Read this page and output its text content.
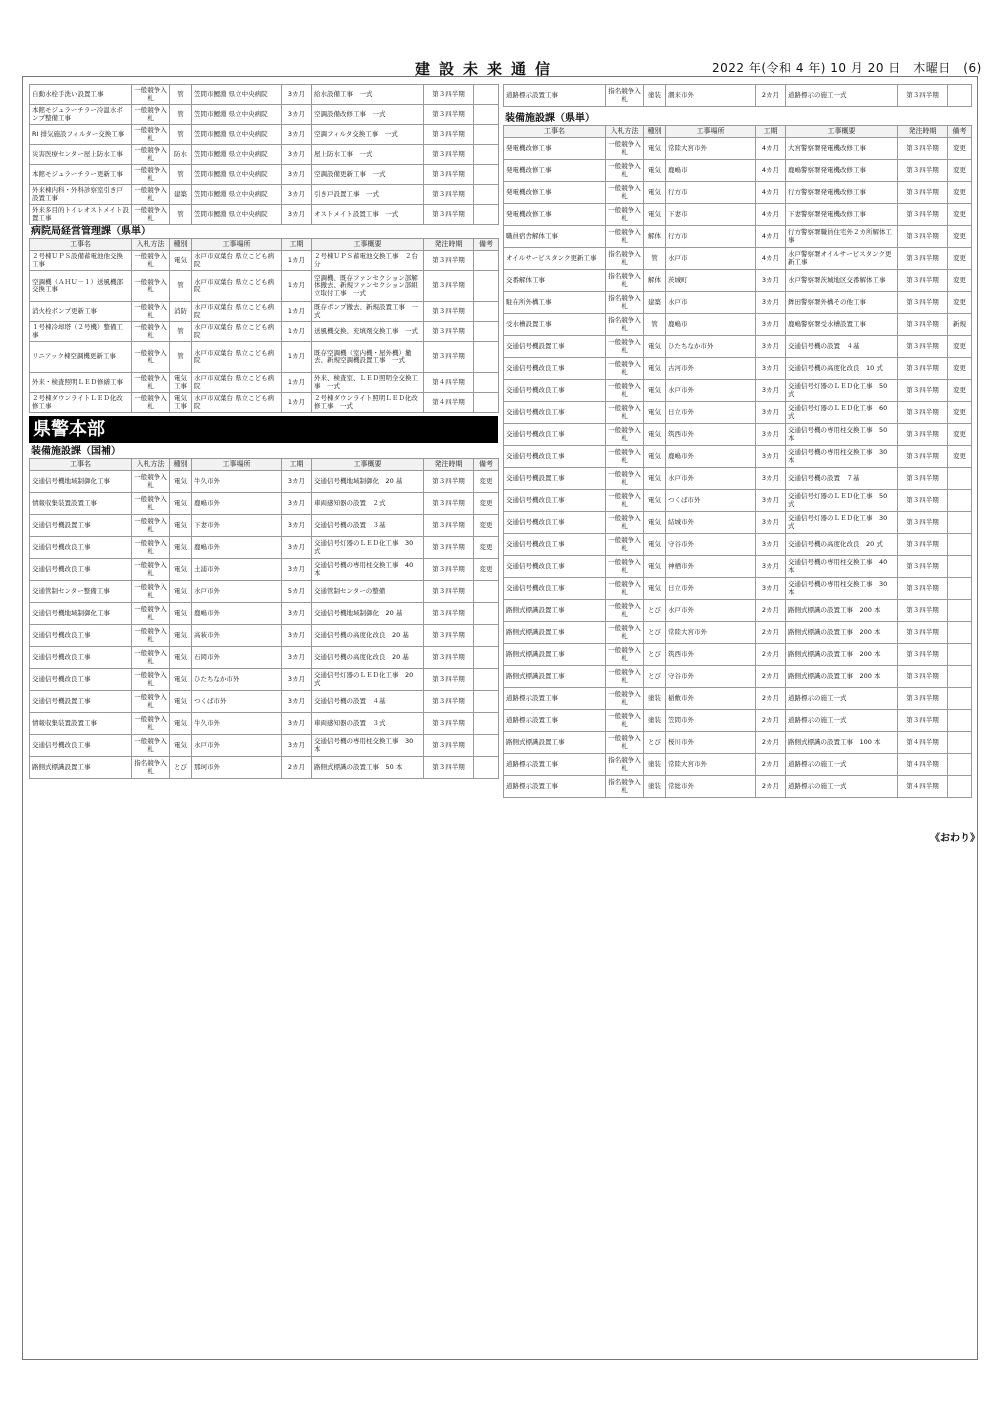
建設未来通信	2022 年(令和 4 年) 10 月 20 日　木曜日　(6)
自動水栓手洗い設置工事	一般競争入札	管	笠間市鯉淵 県立中央病院	3カ月	給水設備工事　一式	第３四半期	
本館モジュラーチラー冷温水ポンプ整備工事	一般競争入札	管	笠間市鯉淵 県立中央病院	3カ月	空調設備改修工事　一式	第３四半期	
RI 排気施設フィルター交換工事	一般競争入札	管	笠間市鯉淵 県立中央病院	3カ月	空調フィルタ交換工事　一式	第３四半期	
災害医療センター屋上防水工事	一般競争入札	防水	笠間市鯉淵 県立中央病院	3カ月	屋上防水工事　一式	第３四半期	
本館モジュラーチラー更新工事	一般競争入札	管	笠間市鯉淵 県立中央病院	3カ月	空調設備更新工事　一式	第３四半期	
外来棟内科・外科診察室引き戸設置工事	一般競争入札	建築	笠間市鯉淵 県立中央病院	3カ月	引き戸設置工事　一式	第３四半期	
外来多目的トイレオストメイト設置工事	一般競争入札	管	笠間市鯉淵 県立中央病院	3カ月	オストメイト設置工事　一式	第３四半期	
病院局経営管理課（県単）
工事名	入札方法	種別	工事場所	工期	工事概要	発注時期	備考
２号棟ＵＰＳ設備蓄電池他交換工事	一般競争入札	電気	水戸市双葉台 県立こども病院	1カ月	２号棟ＵＰＳ蓄電池交換工事　２台分	第３四半期	
空調機（ＡＨＵ－１）送風機部交換工事	一般競争入札	管	水戸市双葉台 県立こども病院	1カ月	空調機、既存ファンセクション部解体撤去、新規ファンセクション部組立取付工事　一式	第３四半期	
消火栓ポンプ更新工事	一般競争入札	消防	水戸市双葉台 県立こども病院	1カ月	既存ポンプ撤去、新規設置工事　一式	第３四半期	
１号棟冷却塔（２号機）整備工事	一般競争入札	管	水戸市双葉台 県立こども病院	1カ月	送風機交換、充填剤交換工事　一式	第３四半期	
リニアック棟空調機更新工事	一般競争入札	管	水戸市双葉台 県立こども病院	1カ月	既存空調機（室内機・屋外機）撤去、新規空調機設置工事　一式	第３四半期	
外来・検査照明ＬＥＤ修繕工事	一般競争入札	電気工事	水戸市双葉台 県立こども病院	1カ月	外来、検査室、ＬＥＤ照明全交換工事　一式	第４四半期	
２号棟ダウンライトＬＥＤ化改修工事	一般競争入札	電気工事	水戸市双葉台 県立こども病院	1カ月	２号棟ダウンライト照明ＬＥＤ化改修工事　一式	第４四半期	
県警本部
装備施設課（国補）
工事名	入札方法	種別	工事場所	工期	工事概要	発注時期	備考
交通信号機地域制御化工事	一般競争入札	電気	牛久市外	3カ月	交通信号機地域制御化　20 基	第３四半期	変更
情報収集装置設置工事	一般競争入札	電気	鹿嶋市外	3カ月	車両感知器の設置　２式	第３四半期	変更
交通信号機設置工事	一般競争入札	電気	下妻市外	3カ月	交通信号機の設置　３基	第３四半期	変更
交通信号機改良工事	一般競争入札	電気	鹿嶋市外	3カ月	交通信号灯器のＬＥＤ化工事　30 式	第３四半期	変更
交通信号機改良工事	一般競争入札	電気	土浦市外	3カ月	交通信号機の専用柱交換工事　40 本	第３四半期	変更
交通管制センター整備工事	一般競争入札	電気	水戸市外	5カ月	交通管制センターの整備	第３四半期	
交通信号機地域制御化工事	一般競争入札	電気	鹿嶋市外	3カ月	交通信号機地域制御化　20 基	第３四半期	
交通信号機改良工事	一般競争入札	電気	高萩市外	3カ月	交通信号機の高度化改良　20 基	第３四半期	
交通信号機改良工事	一般競争入札	電気	石岡市外	3カ月	交通信号機の高度化改良　20 基	第３四半期	
交通信号機改良工事	一般競争入札	電気	ひたちなか市外	3カ月	交通信号灯器のＬＥＤ化工事　20 式	第３四半期	
交通信号機設置工事	一般競争入札	電気	つくば市外	3カ月	交通信号機の設置　４基	第３四半期	
情報収集装置設置工事	一般競争入札	電気	牛久市外	3カ月	車両感知器の設置　３式	第３四半期	
交通信号機改良工事	一般競争入札	電気	水戸市外	3カ月	交通信号機の専用柱交換工事　30 本	第３四半期	
路側式標識設置工事	指名競争入札	とび	那珂市外	2カ月	路側式標識の設置工事　50 本	第３四半期	
道路標示設置工事	指名競争入札	塗装	潮来市外	2カ月	道路標示の施工一式	第３四半期	
装備施設課（県単）
工事名	入札方法	種別	工事場所	工期	工事概要	発注時期	備考
発電機改修工事	一般競争入札	電気	常陸大宮市外	4カ月	大宮警察署発電機改修工事	第３四半期	変更
発電機改修工事	一般競争入札	電気	鹿嶋市	4カ月	鹿嶋警察署発電機改修工事	第３四半期	変更
発電機改修工事	一般競争入札	電気	行方市	4カ月	行方警察署発電機改修工事	第３四半期	変更
発電機改修工事	一般競争入札	電気	下妻市	4カ月	下妻警察署発電機改修工事	第３四半期	変更
職員宿舎解体工事	一般競争入札	解体	行方市	4カ月	行方警察署職員住宅外２カ所解体工事	第３四半期	変更
オイルサービスタンク更新工事	指名競争入札	管	水戸市	4カ月	水戸警察署オイルサービスタンク更新工事	第３四半期	変更
交番解体工事	指名競争入札	解体	茨城町	3カ月	水戸警察署茨城地区交番解体工事	第３四半期	変更
駐在所外構工事	指名競争入札	建築	水戸市	3カ月	鉾田警察署外構その他工事	第３四半期	変更
受水槽設置工事	指名競争入札	管	鹿嶋市	3カ月	鹿嶋警察署受水槽設置工事	第３四半期	新規
交通信号機設置工事	一般競争入札	電気	ひたちなか市外	3カ月	交通信号機の設置　４基	第３四半期	変更
交通信号機改良工事	一般競争入札	電気	古河市外	3カ月	交通信号機の高度化改良　10 式	第３四半期	変更
交通信号機改良工事	一般競争入札	電気	水戸市外	3カ月	交通信号灯器のＬＥＤ化工事　50 式	第３四半期	変更
交通信号機改良工事	一般競争入札	電気	日立市外	3カ月	交通信号灯器のＬＥＤ化工事　60 式	第３四半期	変更
交通信号機改良工事	一般競争入札	電気	筑西市外	3カ月	交通信号機の専用柱交換工事　50 本	第３四半期	変更
交通信号機改良工事	一般競争入札	電気	鹿嶋市外	3カ月	交通信号機の専用柱交換工事　30 本	第３四半期	変更
交通信号機設置工事	一般競争入札	電気	水戸市外	3カ月	交通信号機の設置　７基	第３四半期	
交通信号機改良工事	一般競争入札	電気	つくば市外	3カ月	交通信号灯器のＬＥＤ化工事　50 式	第３四半期	
交通信号機改良工事	一般競争入札	電気	結城市外	3カ月	交通信号灯器のＬＥＤ化工事　30 式	第３四半期	
交通信号機改良工事	一般競争入札	電気	守谷市外	3カ月	交通信号機の高度化改良　20 式	第３四半期	
交通信号機改良工事	一般競争入札	電気	神栖市外	3カ月	交通信号機の専用柱交換工事　40 本	第３四半期	
交通信号機改良工事	一般競争入札	電気	日立市外	3カ月	交通信号機の専用柱交換工事　30 本	第３四半期	
路側式標識設置工事	一般競争入札	とび	水戸市外	2カ月	路側式標識の設置工事　200 本	第３四半期	
路側式標識設置工事	一般競争入札	とび	常陸大宮市外	2カ月	路側式標識の設置工事　200 本	第３四半期	
路側式標識設置工事	一般競争入札	とび	筑西市外	2カ月	路側式標識の設置工事　200 本	第３四半期	
路側式標識設置工事	一般競争入札	とび	守谷市外	2カ月	路側式標識の設置工事　200 本	第３四半期	
道路標示設置工事	一般競争入札	塗装	稲敷市外	2カ月	道路標示の施工一式	第３四半期	
道路標示設置工事	一般競争入札	塗装	笠間市外	2カ月	道路標示の施工一式	第３四半期	
路側式標識設置工事	一般競争入札	とび	桜川市外	2カ月	路側式標識の設置工事　100 本	第４四半期	
道路標示設置工事	指名競争入札	塗装	常陸大宮市外	2カ月	道路標示の施工一式	第４四半期	
道路標示設置工事	指名競争入札	塗装	常総市外	2カ月	道路標示の施工一式	第４四半期	
《おわり》
